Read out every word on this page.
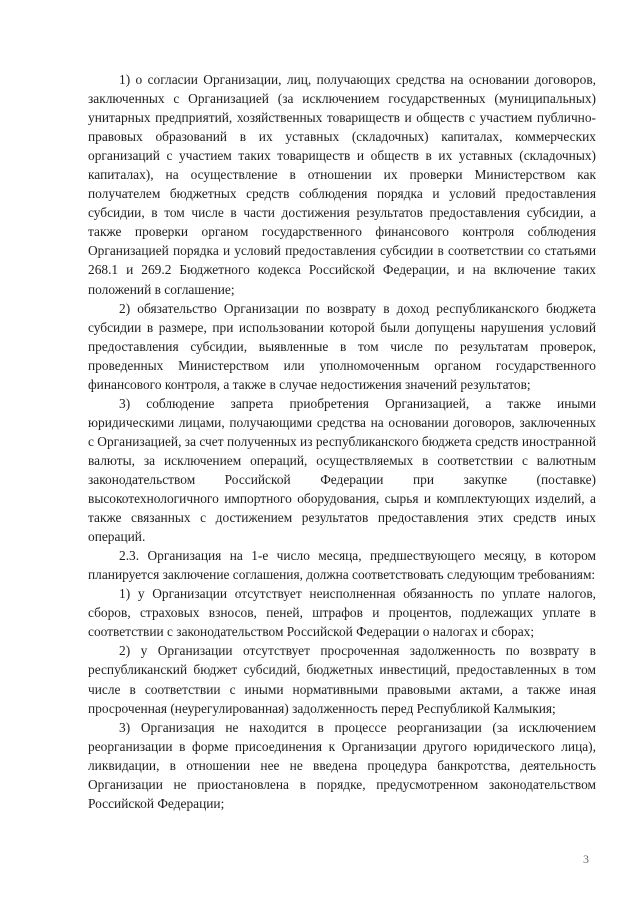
1) о согласии Организации, лиц, получающих средства на основании договоров, заключенных с Организацией (за исключением государственных (муниципальных) унитарных предприятий, хозяйственных товариществ и обществ с участием публично-правовых образований в их уставных (складочных) капиталах, коммерческих организаций с участием таких товариществ и обществ в их уставных (складочных) капиталах), на осуществление в отношении их проверки Министерством как получателем бюджетных средств соблюдения порядка и условий предоставления субсидии, в том числе в части достижения результатов предоставления субсидии, а также проверки органом государственного финансового контроля соблюдения Организацией порядка и условий предоставления субсидии в соответствии со статьями 268.1 и 269.2 Бюджетного кодекса Российской Федерации, и на включение таких положений в соглашение;

2) обязательство Организации по возврату в доход республиканского бюджета субсидии в размере, при использовании которой были допущены нарушения условий предоставления субсидии, выявленные в том числе по результатам проверок, проведенных Министерством или уполномоченным органом государственного финансового контроля, а также в случае недостижения значений результатов;

3) соблюдение запрета приобретения Организацией, а также иными юридическими лицами, получающими средства на основании договоров, заключенных с Организацией, за счет полученных из республиканского бюджета средств иностранной валюты, за исключением операций, осуществляемых в соответствии с валютным законодательством Российской Федерации при закупке (поставке) высокотехнологичного импортного оборудования, сырья и комплектующих изделий, а также связанных с достижением результатов предоставления этих средств иных операций.

2.3. Организация на 1-е число месяца, предшествующего месяцу, в котором планируется заключение соглашения, должна соответствовать следующим требованиям:

1) у Организации отсутствует неисполненная обязанность по уплате налогов, сборов, страховых взносов, пеней, штрафов и процентов, подлежащих уплате в соответствии с законодательством Российской Федерации о налогах и сборах;

2) у Организации отсутствует просроченная задолженность по возврату в республиканский бюджет субсидий, бюджетных инвестиций, предоставленных в том числе в соответствии с иными нормативными правовыми актами, а также иная просроченная (неурегулированная) задолженность перед Республикой Калмыкия;

3) Организация не находится в процессе реорганизации (за исключением реорганизации в форме присоединения к Организации другого юридического лица), ликвидации, в отношении нее не введена процедура банкротства, деятельность Организации не приостановлена в порядке, предусмотренном законодательством Российской Федерации;

3
